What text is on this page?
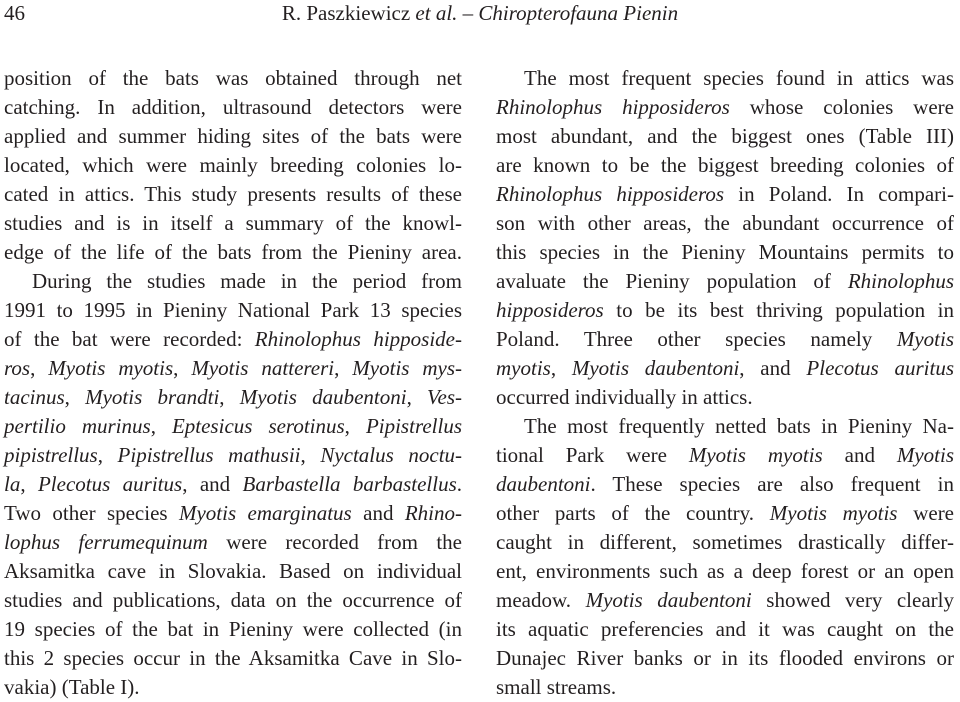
46	R. Paszkiewicz et al. – Chiropterofauna Pienin
position of the bats was obtained through net
catching. In addition, ultrasound detectors were
applied and summer hiding sites of the bats were
located, which were mainly breeding colonies lo-
cated in attics. This study presents results of these
studies and is in itself a summary of the knowl-
edge of the life of the bats from the Pieniny area.
During the studies made in the period from
1991 to 1995 in Pieniny National Park 13 species
of the bat were recorded: Rhinolophus hipposide-
ros, Myotis myotis, Myotis nattereri, Myotis mys-
tacinus, Myotis brandti, Myotis daubentoni, Ves-
pertilio murinus, Eptesicus serotinus, Pipistrellus
pipistrellus, Pipistrellus mathusii, Nyctalus noctu-
la, Plecotus auritus, and Barbastella barbastellus.
Two other species Myotis emarginatus and Rhino-
lophus ferrumequinum were recorded from the
Aksamitka cave in Slovakia. Based on individual
studies and publications, data on the occurrence of
19 species of the bat in Pieniny were collected (in
this 2 species occur in the Aksamitka Cave in Slo-
vakia) (Table I).
The most frequent species found in attics was
Rhinolophus hipposideros whose colonies were
most abundant, and the biggest ones (Table III)
are known to be the biggest breeding colonies of
Rhinolophus hipposideros in Poland. In compari-
son with other areas, the abundant occurrence of
this species in the Pieniny Mountains permits to
avaluate the Pieniny population of Rhinolophus
hipposideros to be its best thriving population in
Poland. Three other species namely Myotis
myotis, Myotis daubentoni, and Plecotus auritus
occurred individually in attics.
The most frequently netted bats in Pieniny Na-
tional Park were Myotis myotis and Myotis
daubentoni. These species are also frequent in
other parts of the country. Myotis myotis were
caught in different, sometimes drastically differ-
ent, environments such as a deep forest or an open
meadow. Myotis daubentoni showed very clearly
its aquatic preferencies and it was caught on the
Dunajec River banks or in its flooded environs or
small streams.
